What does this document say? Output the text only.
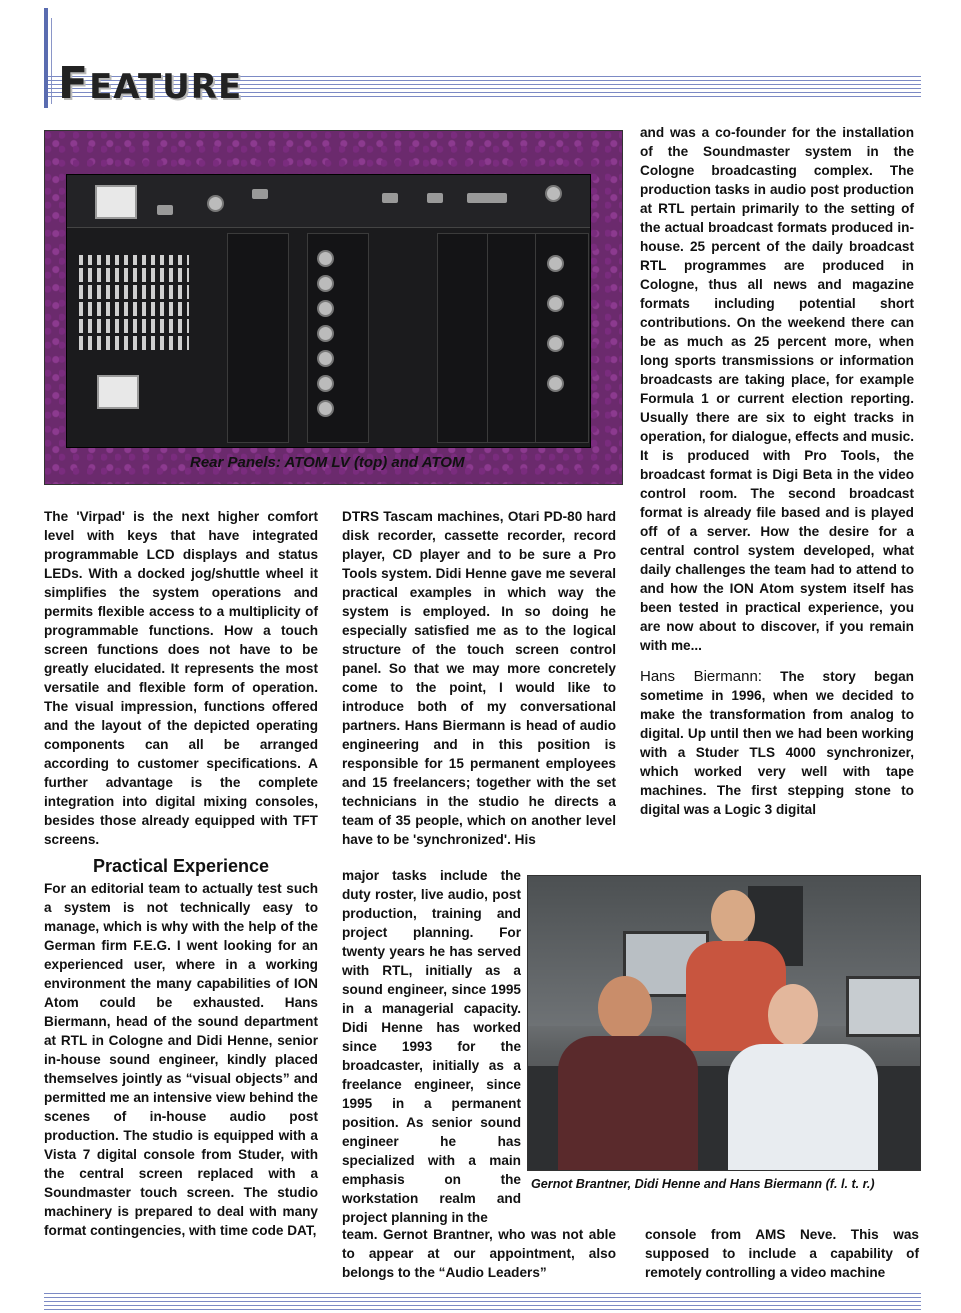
FEATURE
Rear Panels: ATOM LV (top) and ATOM

The 'Virpad' is the next higher comfort level with keys that have integrated programmable LCD displays and status LEDs. With a docked jog/shuttle wheel it simplifies the system operations and permits flexible access to a multiplicity of programmable functions. How a touch screen functions does not have to be greatly elucidated. It represents the most versatile and flexible form of operation. The visual impression, functions offered and the layout of the depicted operating components can all be arranged according to customer specifications. A further advantage is the complete integration into digital mixing consoles, besides those already equipped with TFT screens.

Practical Experience

For an editorial team to actually test such a system is not technically easy to manage, which is why with the help of the German firm F.E.G. I went looking for an experienced user, where in a working environment the many capabilities of ION Atom could be exhausted. Hans Biermann, head of the sound department at RTL in Cologne and Didi Henne, senior in-house sound engineer, kindly placed themselves jointly as “visual objects” and permitted me an intensive view behind the scenes of in-house audio post production. The studio is equipped with a Vista 7 digital console from Studer, with the central screen replaced with a Soundmaster touch screen. The studio machinery is prepared to deal with many format contingencies, with time code DAT,

DTRS Tascam machines, Otari PD-80 hard disk recorder, cassette recorder, record player, CD player and to be sure a Pro Tools system. Didi Henne gave me several practical examples in which way the system is employed. In so doing he especially satisfied me as to the logical structure of the touch screen control panel. So that we may more concretely come to the point, I would like to introduce both of my conversational partners. Hans Biermann is head of audio engineering and in this position is responsible for 15 permanent employees and 15 freelancers; together with the set technicians in the studio he directs a team of 35 people, which on another level have to be 'synchronized'. His

major tasks include the duty roster, live audio, post production, training and project planning. For twenty years he has served with RTL, initially as a sound engineer, since 1995 in a managerial capacity. Didi Henne has worked since 1993 for the broadcaster, initially as a freelance engineer, since 1995 in a permanent position. As senior sound engineer he has specialized with a main emphasis on the workstation realm and project planning in the

team. Gernot Brantner, who was not able to appear at our appointment, also belongs to the “Audio Leaders”

and was a co-founder for the installation of the Soundmaster system in the Cologne broadcasting complex. The production tasks in audio post production at RTL pertain primarily to the setting of the actual broadcast formats produced in-house. 25 percent of the daily broadcast RTL programmes are produced in Cologne, thus all news and magazine formats including potential short contributions. On the weekend there can be as much as 25 percent more, when long sports transmissions or information broadcasts are taking place, for example Formula 1 or current election reporting. Usually there are six to eight tracks in operation, for dialogue, effects and music. It is produced with Pro Tools, the broadcast format is Digi Beta in the video control room. The second broadcast format is already file based and is played off of a server. How the desire for a central control system developed, what daily challenges the team had to attend to and how the ION Atom system itself has been tested in practical experience, you are now about to discover, if you remain with me...

Hans Biermann: The story began sometime in 1996, when we decided to make the transformation from analog to digital. Up until then we had been working with a Studer TLS 4000 synchronizer, which worked very well with tape machines. The first stepping stone to digital was a Logic 3 digital

console from AMS Neve. This was supposed to include a capability of remotely controlling a video machine

Gernot Brantner, Didi Henne and Hans Biermann (f. l. t. r.)
